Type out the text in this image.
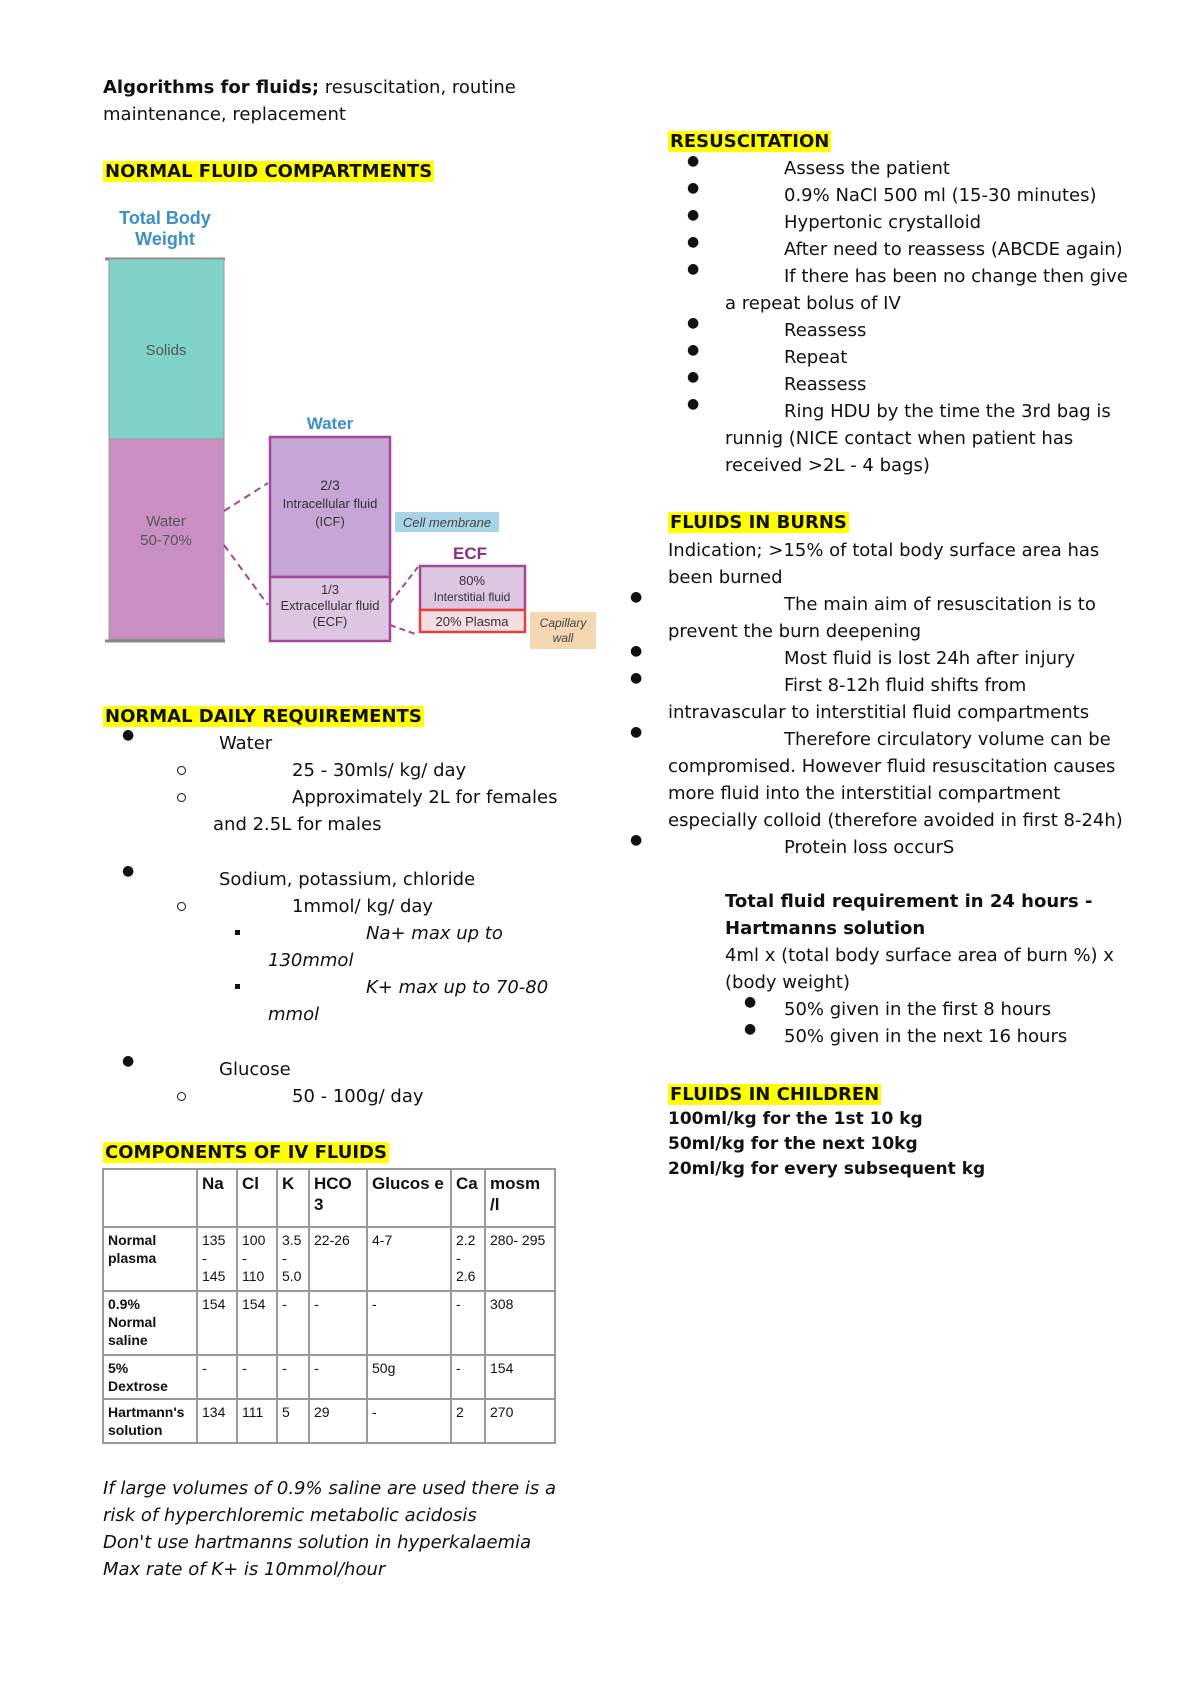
Algorithms for fluids; resuscitation, routine
maintenance, replacement
NORMAL FLUID COMPARTMENTS
Total Body
Weight
Solids
Water
50-70%
Water
2/3
Intracellular fluid
(ICF)
1/3
Extracellular fluid
(ECF)
Cell membrane
ECF
80%
Interstitial fluid
20% Plasma	Capillary
wall
NORMAL DAILY REQUIREMENTS
●	Water
25 - 30mls/ kg/ day
Approximately 2L for females
and 2.5L for males
●	Sodium, potassium, chloride
1mmol/ kg/ day
Na+ max up to
130mmol
K+ max up to 70-80
mmol
●	Glucose
50 - 100g/ day
COMPONENTS OF IV FLUIDS
	Na	Cl	K	HCO 3	Glucos e	Ca	mosm /l
Normal plasma	135 - 145	100 - 110	3.5 - 5.0	22-26	4-7	2.2 - 2.6	280- 295
0.9% Normal saline	154	154	-	-	-	-	308
5% Dextrose	-	-	-	-	50g	-	154
Hartmann's solution	134	111	5	29	-	2	270
If large volumes of 0.9% saline are used there is a
risk of hyperchloremic metabolic acidosis
Don't use hartmanns solution in hyperkalaemia
Max rate of K+ is 10mmol/hour
RESUSCITATION
●	Assess the patient
●	0.9% NaCl 500 ml (15-30 minutes)
●	Hypertonic crystalloid
●	After need to reassess (ABCDE again)
●	If there has been no change then give
a repeat bolus of IV
●	Reassess
●	Repeat
●	Reassess
●	Ring HDU by the time the 3rd bag is
runnig (NICE contact when patient has
received >2L - 4 bags)
FLUIDS IN BURNS
Indication; >15% of total body surface area has
been burned
●	The main aim of resuscitation is to
prevent the burn deepening
●	Most fluid is lost 24h after injury
●	First 8-12h fluid shifts from
intravascular to interstitial fluid compartments
●	Therefore circulatory volume can be
compromised. However fluid resuscitation causes
more fluid into the interstitial compartment
especially colloid (therefore avoided in first 8-24h)
●	Protein loss occurS
Total fluid requirement in 24 hours -
Hartmanns solution
4ml x (total body surface area of burn %) x
(body weight)
● 50% given in the first 8 hours
● 50% given in the next 16 hours
FLUIDS IN CHILDREN
100ml/kg for the 1st 10 kg
50ml/kg for the next 10kg
20ml/kg for every subsequent kg
